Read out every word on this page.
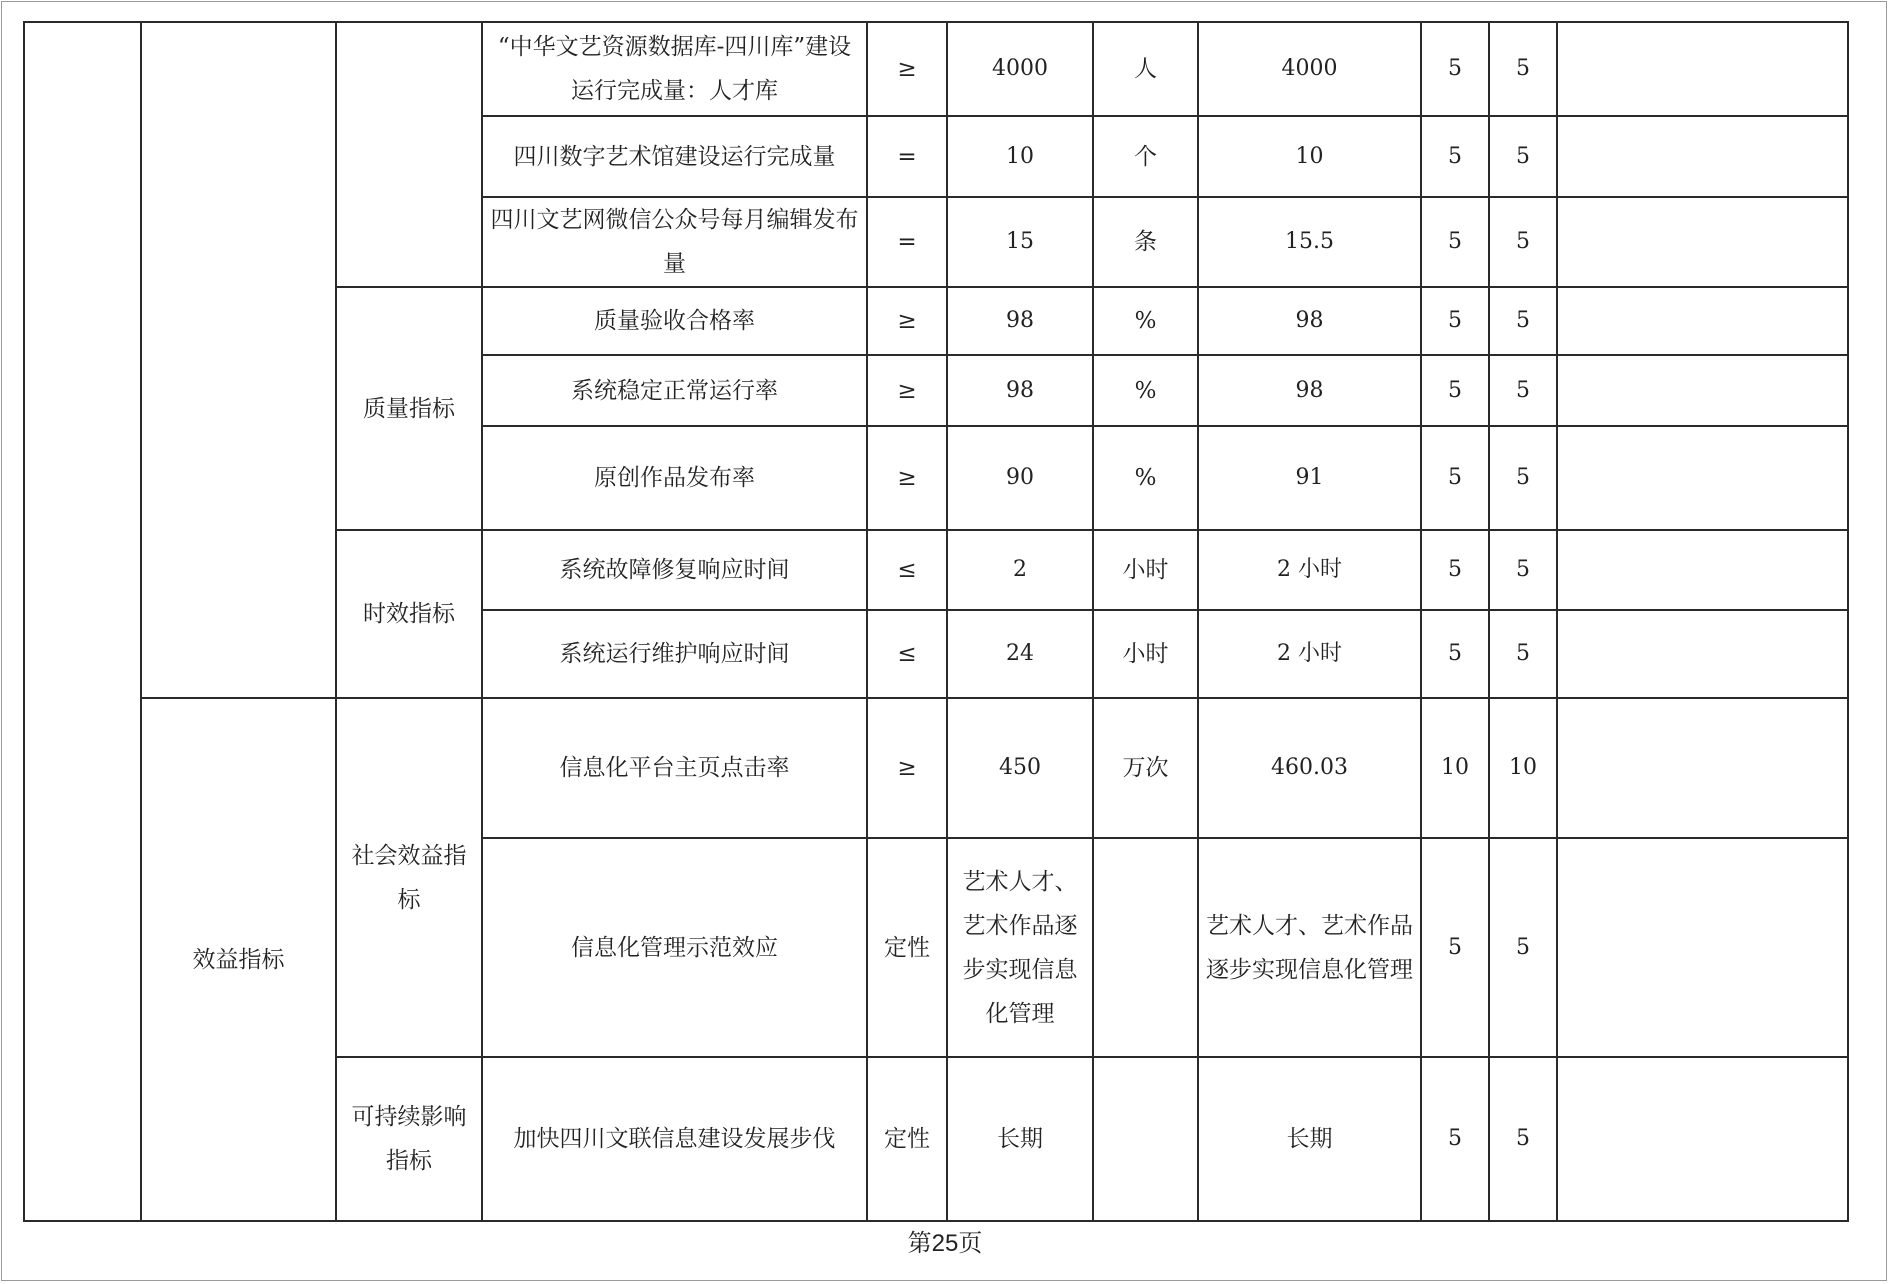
			“中华文艺资源数据库-四川库”建设运行完成量：人才库	≥	4000	人	4000	5	5	
			四川数字艺术馆建设运行完成量	=	10	个	10	5	5	
			四川文艺网微信公众号每月编辑发布量	=	15	条	15.5	5	5	
		质量指标	质量验收合格率	≥	98	%	98	5	5	
			系统稳定正常运行率	≥	98	%	98	5	5	
			原创作品发布率	≥	90	%	91	5	5	
		时效指标	系统故障修复响应时间	≤	2	小时	2 小时	5	5	
			系统运行维护响应时间	≤	24	小时	2 小时	5	5	
	效益指标	社会效益指标	信息化平台主页点击率	≥	450	万次	460.03	10	10	
			信息化管理示范效应	定性	艺术人才、艺术作品逐步实现信息化管理		艺术人才、艺术作品逐步实现信息化管理	5	5	
		可持续影响指标	加快四川文联信息建设发展步伐	定性	长期		长期	5	5	
第25页
